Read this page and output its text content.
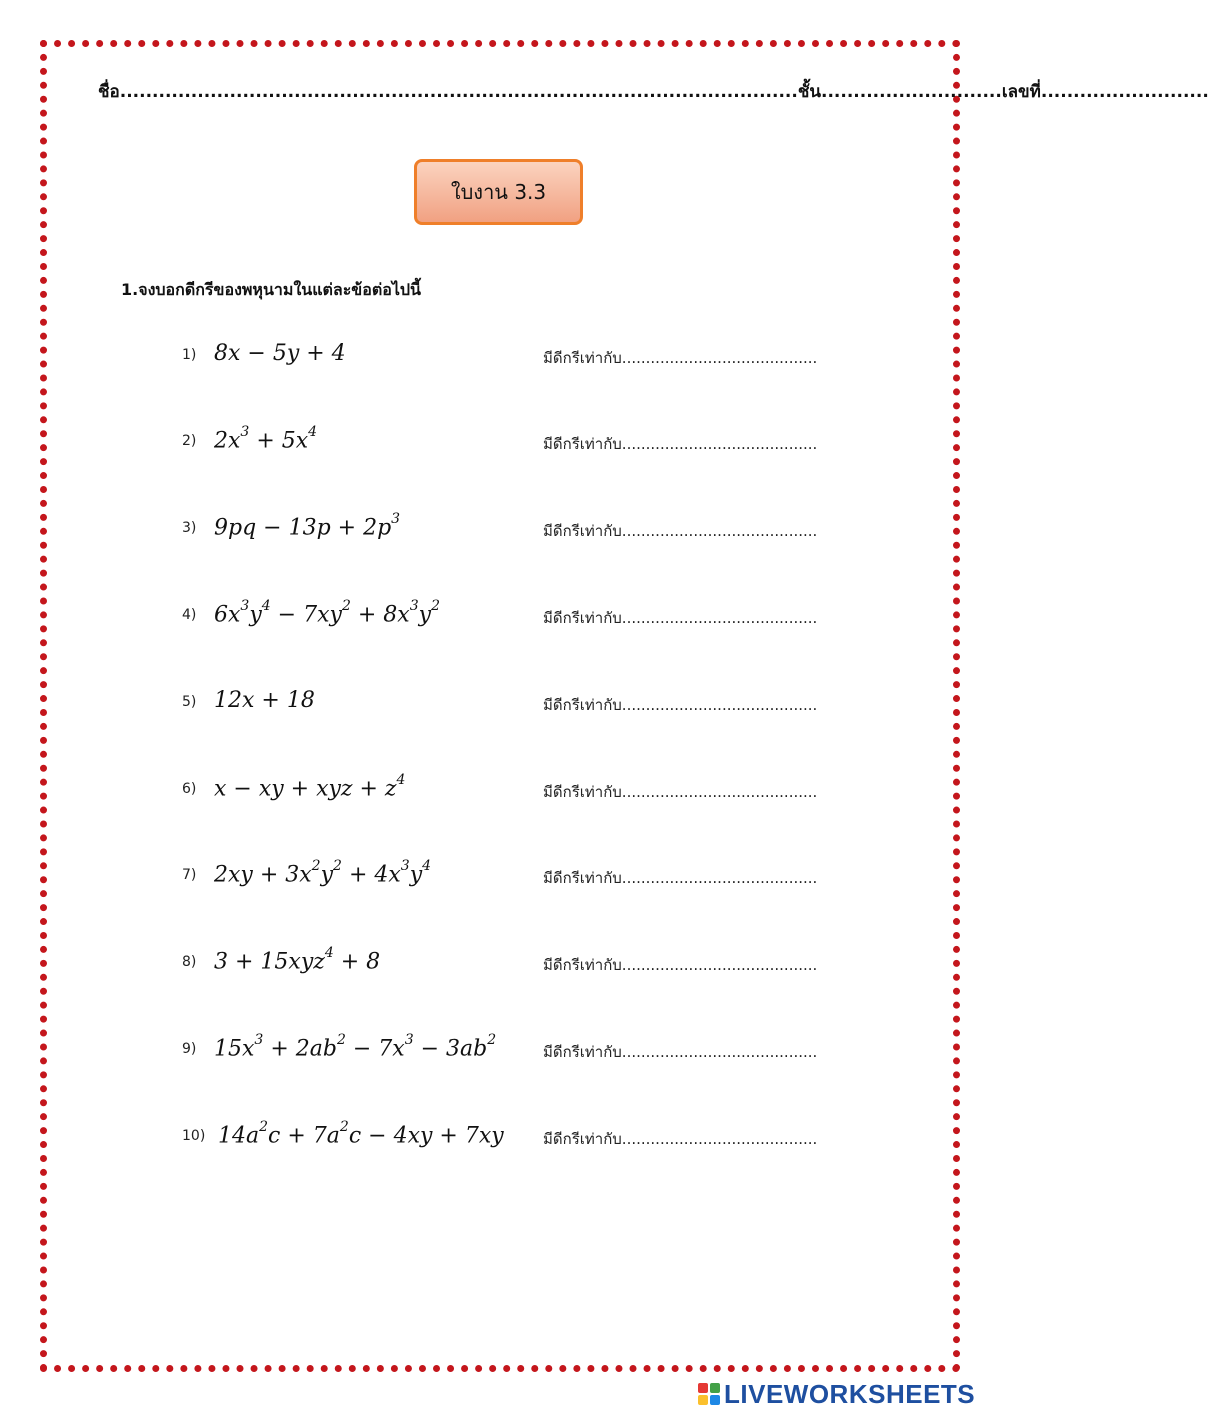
ชื่อ.........................................................................................................ชั้น............................เลขที่..........................
ใบงาน 3.3
1.จงบอกดีกรีของพหุนามในแต่ละข้อต่อไปนี้
1) 8x − 5y + 4	มีดีกรีเท่ากับ.........................................
2) $2x^3 + 5x^4$
มีดีกรีเท่ากับ.........................................
3) $9pq - 13p + 2p^3$
มีดีกรีเท่ากับ.........................................
4) $6x^3y^4 - 7xy^2 + 8x^3y^2$
มีดีกรีเท่ากับ.........................................
5) 12x + 18	มีดีกรีเท่ากับ.........................................
6) x − xy + xyz + $z^4$
มีดีกรีเท่ากับ.........................................
7) $2xy + 3x^2y^2 + 4x^3y^4$
มีดีกรีเท่ากับ.........................................
8) 3 + 15xyz$^4$ + 8	มีดีกรีเท่ากับ.........................................
9) $15x^3 + 2ab^2 - 7x^3 - 3ab^2$
มีดีกรีเท่ากับ.........................................
10) $14a^2c + 7a^2c - 4xy + 7xy$	มีดีกรีเท่ากับ.........................................
LIVEWORKSHEETS
